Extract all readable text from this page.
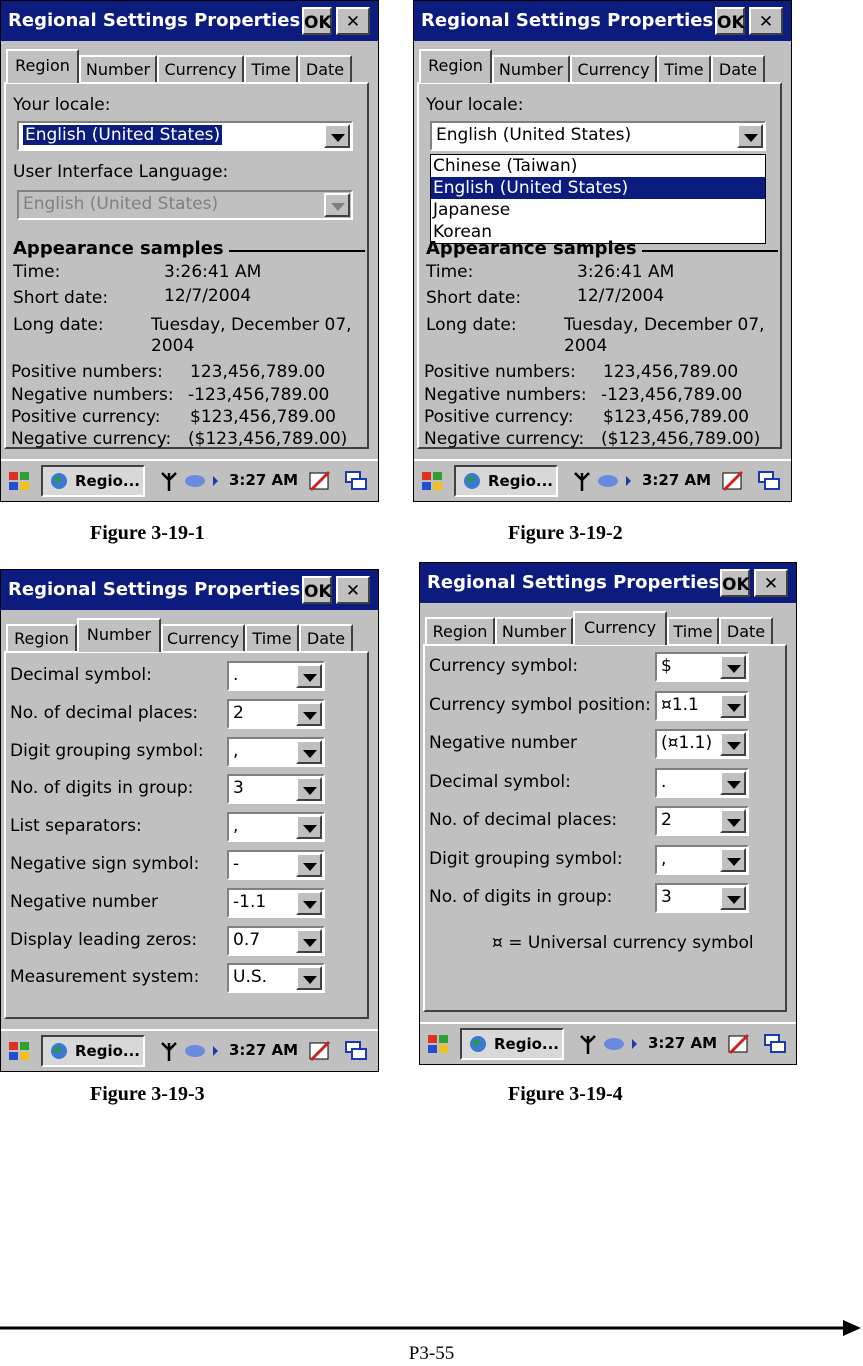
Regional Settings Properties OK ✕
Region Number Currency Time Date
Your locale:
English (United States)
User Interface Language:
English (United States)
Appearance samples
Time:	3:26:41 AM
Short date:	12/7/2004
Long date:	Tuesday, December 07,
2004
Positive numbers: 123,456,789.00
Negative numbers: -123,456,789.00
Positive currency: $123,456,789.00
Negative currency: ($123,456,789.00)
Regio...	3:27 AM
Regional Settings Properties OK ✕
Region Number Currency Time Date
Your locale:
English (United States)
Chinese (Taiwan)
English (United States)
Japanese
Korean
Appearance samples
Time:	3:26:41 AM
Short date:	12/7/2004
Long date:	Tuesday, December 07,
2004
Positive numbers: 123,456,789.00
Negative numbers: -123,456,789.00
Positive currency: $123,456,789.00
Negative currency: ($123,456,789.00)
Regio...	3:27 AM
Figure 3-19-1	Figure 3-19-2
Regional Settings Properties OK ✕
Region	Number Currency Time Date
Decimal symbol:	.
No. of decimal places: 2
Digit grouping symbol: ,
No. of digits in group: 3
List separators:	,
Negative sign symbol: -
Negative number	-1.1
Display leading zeros: 0.7
Measurement system: U.S.
Regio...	3:27 AM
Regional Settings Properties OK ✕
Region Number	Currency	Time Date
Currency symbol:	$
Currency symbol position: ¤1.1
Negative number	(¤1.1)
Decimal symbol:	.
No. of decimal places:	2
Digit grouping symbol: ,
No. of digits in group:	3
¤ = Universal currency symbol
Regio...	3:27 AM
Figure 3-19-3	Figure 3-19-4
P3-55
